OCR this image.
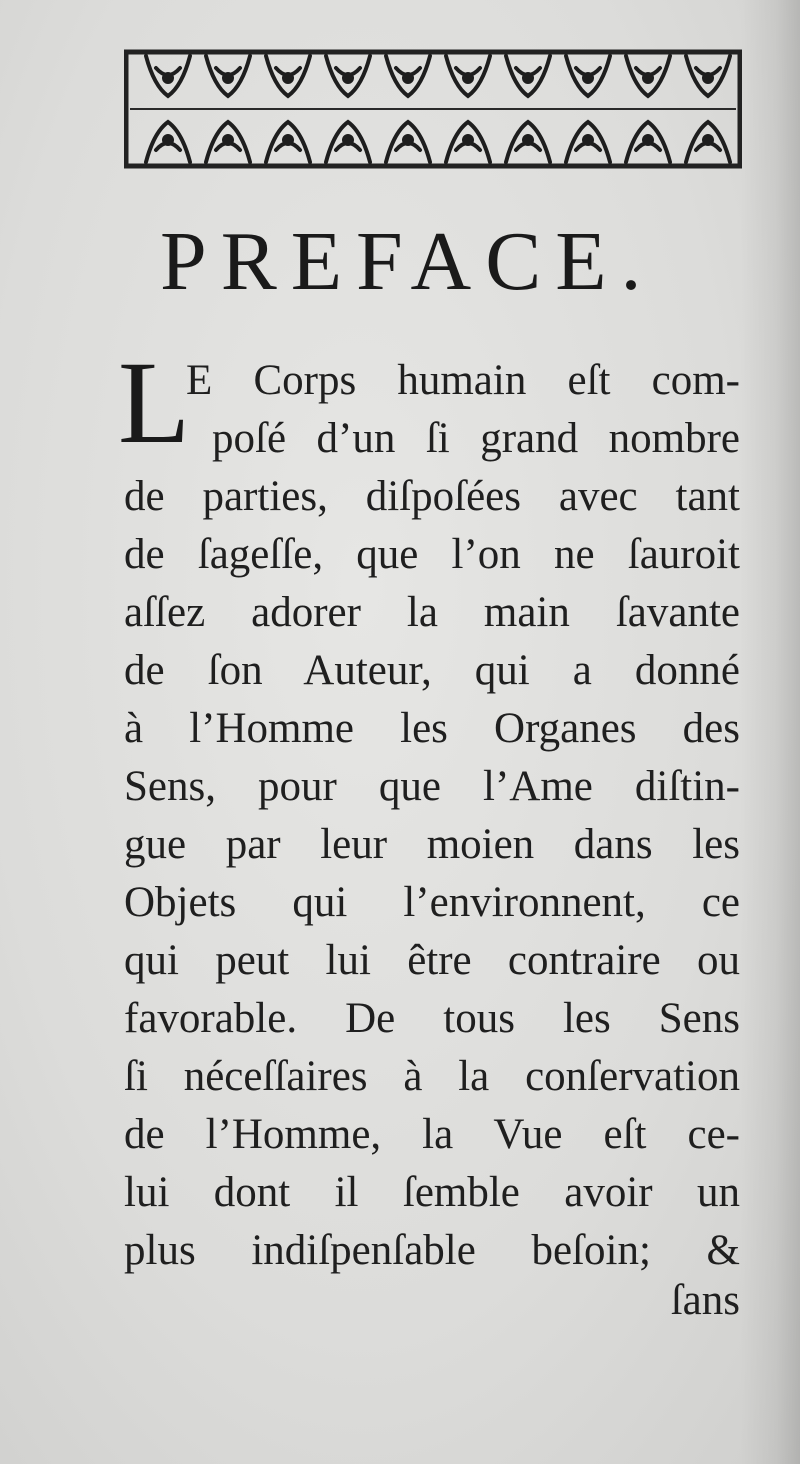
PREFACE.
L
E Corps humain eſt com-
poſé d’un ſi grand nombre
de parties, diſpoſées avec tant
de ſageſſe, que l’on ne ſauroit
aſſez adorer la main ſavante
de ſon Auteur, qui a donné
à l’Homme les Organes des
Sens, pour que l’Ame diſtin-
gue par leur moien dans les
Objets qui l’environnent, ce
qui peut lui être contraire ou
favorable. De tous les Sens
ſi néceſſaires à la conſervation
de l’Homme, la Vue eſt ce-
lui dont il ſemble avoir un
plus indiſpenſable beſoin; &
ſans
